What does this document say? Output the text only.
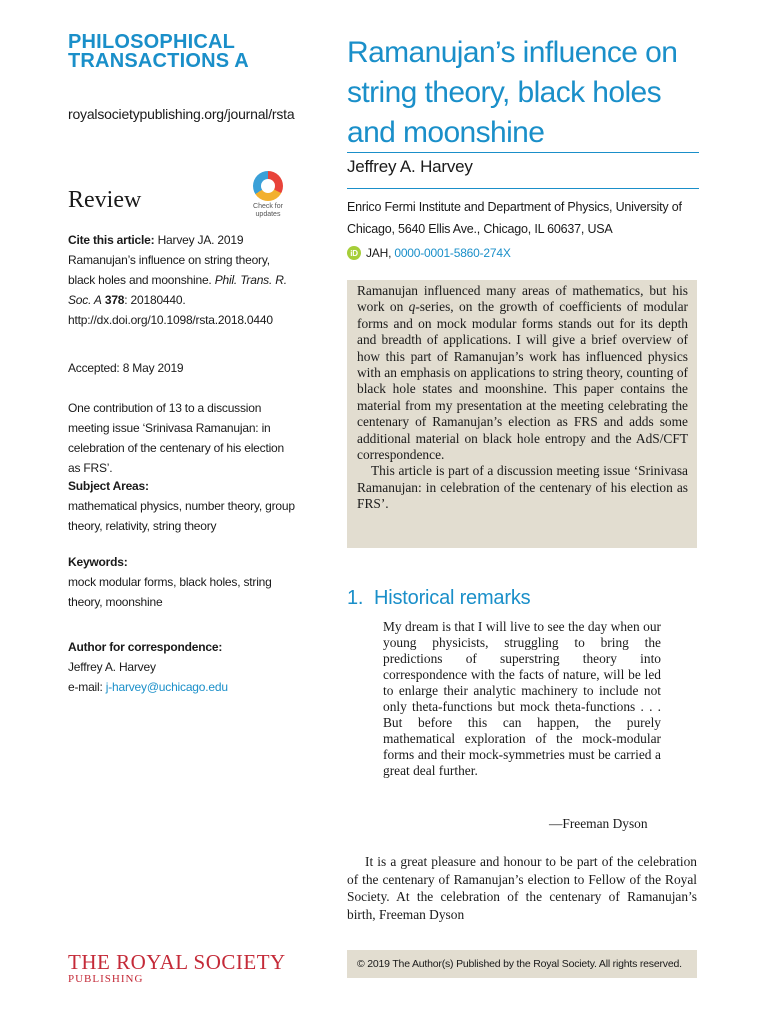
PHILOSOPHICAL
TRANSACTIONS A
royalsocietypublishing.org/journal/rsta
Review	Check for
updates
Cite this article: Harvey JA. 2019 Ramanujan’s influence on string theory, black holes and moonshine. Phil. Trans. R. Soc. A 378: 20180440. http://dx.doi.org/10.1098/rsta.2018.0440
Accepted: 8 May 2019
One contribution of 13 to a discussion meeting issue ‘Srinivasa Ramanujan: in celebration of the centenary of his election as FRS’.
Subject Areas:
mathematical physics, number theory, group theory, relativity, string theory
Keywords:
mock modular forms, black holes, string theory, moonshine
Author for correspondence:
Jeffrey A. Harvey
e-mail: j-harvey@uchicago.edu
THE ROYAL SOCIETY
PUBLISHING
Ramanujan’s influence on string theory, black holes and moonshine
Jeffrey A. Harvey
Enrico Fermi Institute and Department of Physics, University of Chicago, 5640 Ellis Ave., Chicago, IL 60637, USA
iD JAH, 0000-0001-5860-274X

Ramanujan influenced many areas of mathematics, but his work on q-series, on the growth of coefficients of modular forms and on mock modular forms stands out for its depth and breadth of applications. I will give a brief overview of how this part of Ramanujan’s work has influenced physics with an emphasis on applications to string theory, counting of black hole states and moonshine. This paper contains the material from my presentation at the meeting celebrating the centenary of Ramanujan’s election as FRS and adds some additional material on black hole entropy and the AdS/CFT correspondence.

This article is part of a discussion meeting issue ‘Srinivasa Ramanujan: in celebration of the centenary of his election as FRS’.

1. Historical remarks
My dream is that I will live to see the day when our young physicists, struggling to bring the predictions of superstring theory into correspondence with the facts of nature, will be led to enlarge their analytic machinery to include not only theta-functions but mock theta-functions . . . But before this can happen, the purely mathematical exploration of the mock-modular forms and their mock-symmetries must be carried a great deal further.
—Freeman Dyson
It is a great pleasure and honour to be part of the celebration of the centenary of Ramanujan’s election to Fellow of the Royal Society. At the celebration of the centenary of Ramanujan’s birth, Freeman Dyson
© 2019 The Author(s) Published by the Royal Society. All rights reserved.
